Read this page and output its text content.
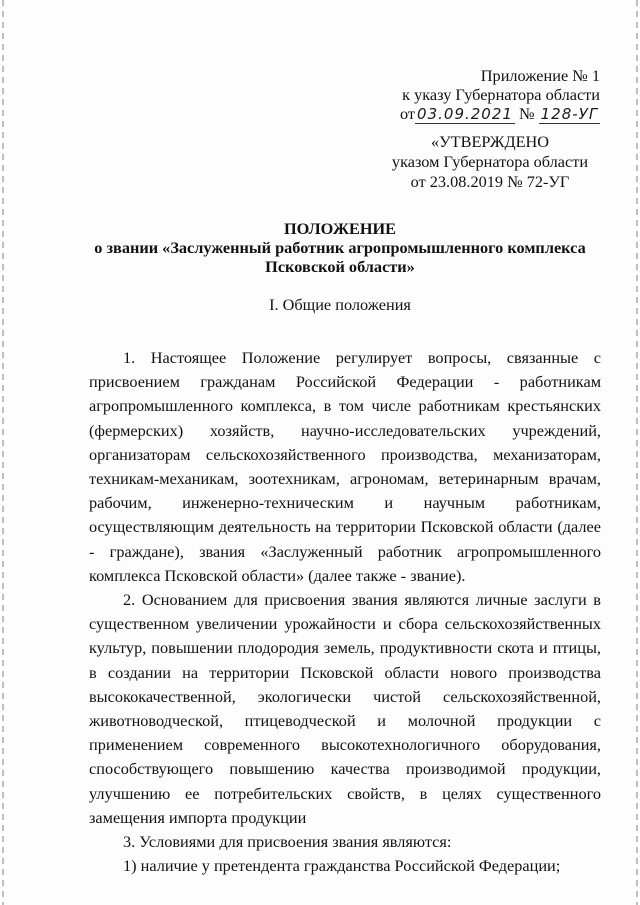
Приложение № 1
к указу Губернатора области
от 03.09.2021 № 128-УГ
«УТВЕРЖДЕНО
указом Губернатора области
от 23.08.2019 № 72-УГ
ПОЛОЖЕНИЕ
о звании «Заслуженный работник агропромышленного комплекса
Псковской области»
I. Общие положения

1. Настоящее Положение регулирует вопросы, связанные с присвоением гражданам Российской Федерации - работникам агропромышленного комплекса, в том числе работникам крестьянских (фермерских) хозяйств, научно-исследовательских учреждений, организаторам сельскохозяйственного производства, механизаторам, техникам-механикам, зоотехникам, агрономам, ветеринарным врачам, рабочим, инженерно-техническим и научным работникам, осуществляющим деятельность на территории Псковской области (далее - граждане), звания «Заслуженный работник агропромышленного комплекса Псковской области» (далее также - звание).

2. Основанием для присвоения звания являются личные заслуги в существенном увеличении урожайности и сбора сельскохозяйственных культур, повышении плодородия земель, продуктивности скота и птицы, в создании на территории Псковской области нового производства высококачественной, экологически чистой сельскохозяйственной, животноводческой, птицеводческой и молочной продукции с применением современного высокотехнологичного оборудования, способствующего повышению качества производимой продукции, улучшению ее потребительских свойств, в целях существенного замещения импорта продукции

3. Условиями для присвоения звания являются:

1) наличие у претендента гражданства Российской Федерации;
